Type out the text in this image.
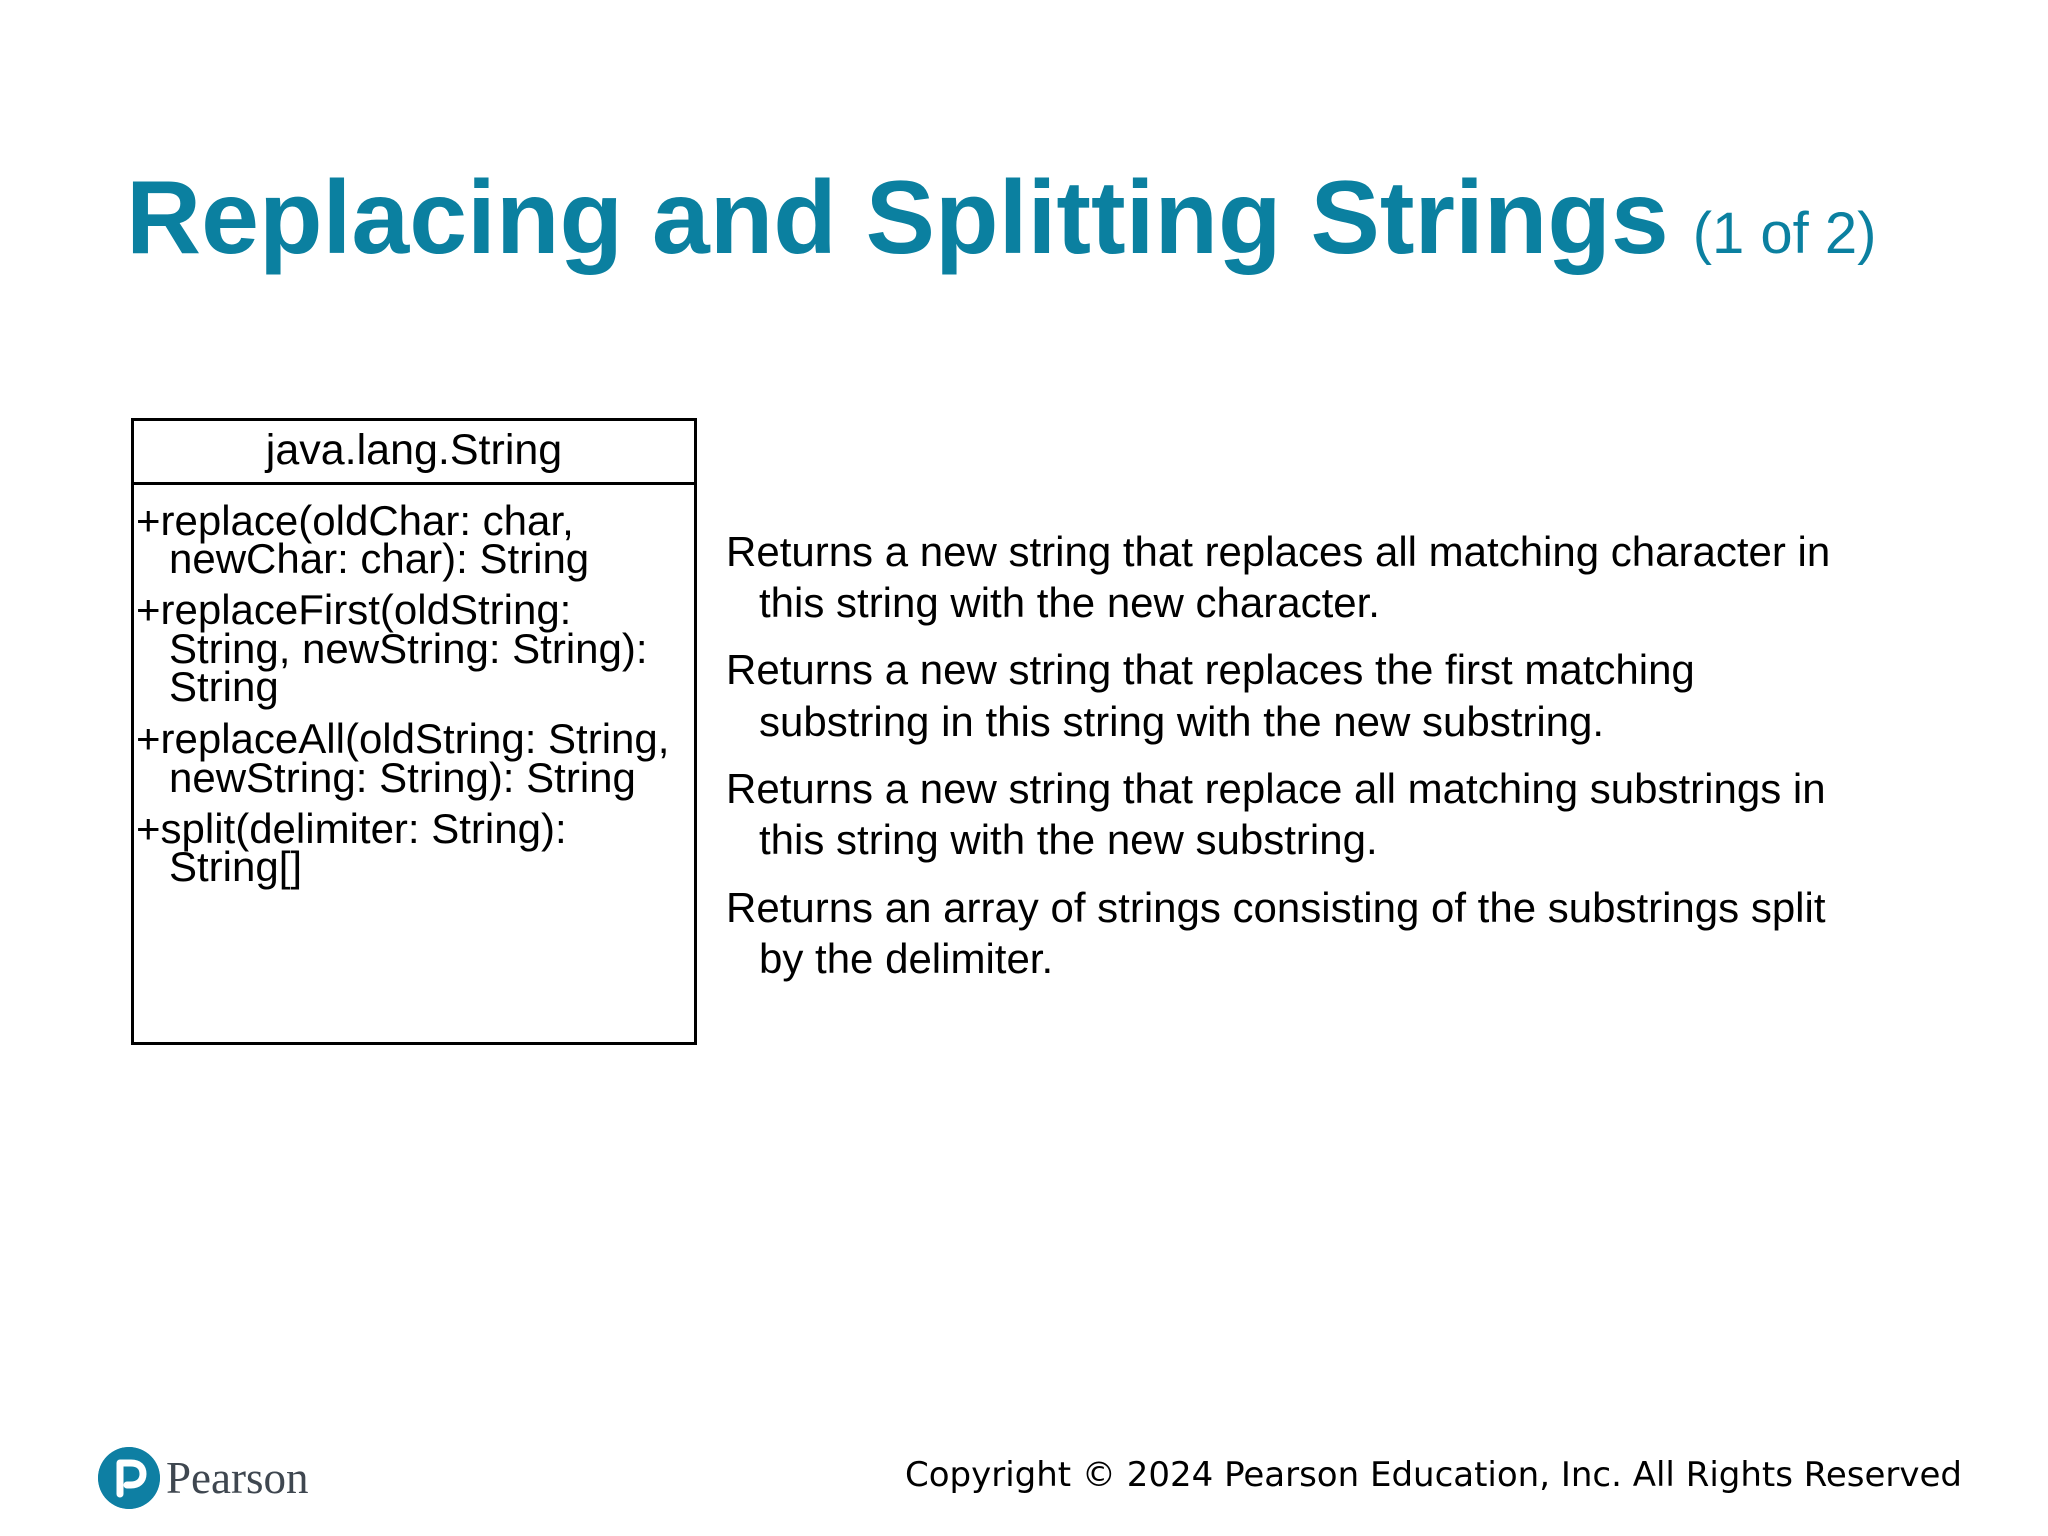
Replacing and Splitting Strings (1 of 2)
java.lang.String
+replace(oldChar: char,
newChar: char): String
+replaceFirst(oldString:
String, newString: String):
String
+replaceAll(oldString: String,
newString: String): String
+split(delimiter: String):
String[]
Returns a new string that replaces all matching character in
this string with the new character.
Returns a new string that replaces the first matching
substring in this string with the new substring.
Returns a new string that replace all matching substrings in
this string with the new substring.
Returns an array of strings consisting of the substrings split
by the delimiter.
Pearson	Copyright © 2024 Pearson Education, Inc. All Rights Reserved
